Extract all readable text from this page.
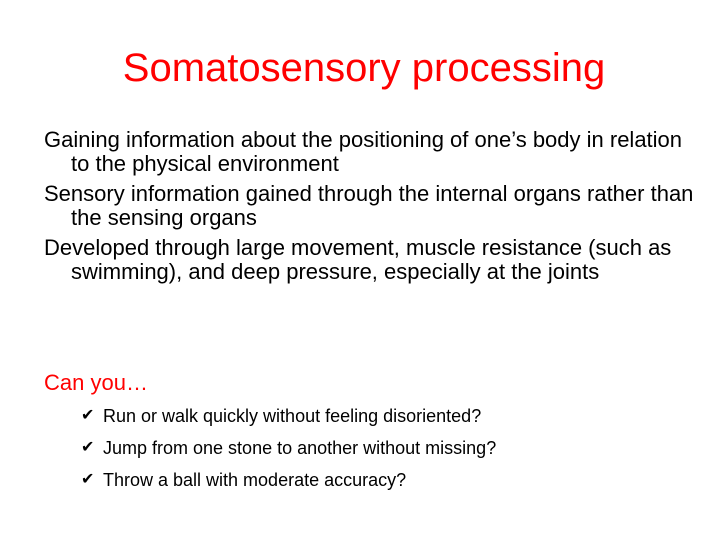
Somatosensory processing
Gaining information about the positioning of one’s body in relation to the physical environment
Sensory information gained through the internal organs rather than the sensing organs
Developed through large movement, muscle resistance (such as swimming), and deep pressure, especially at the joints

Can you…

✔ Run or walk quickly without feeling disoriented?
✔ Jump from one stone to another without missing?
✔ Throw a ball with moderate accuracy?
